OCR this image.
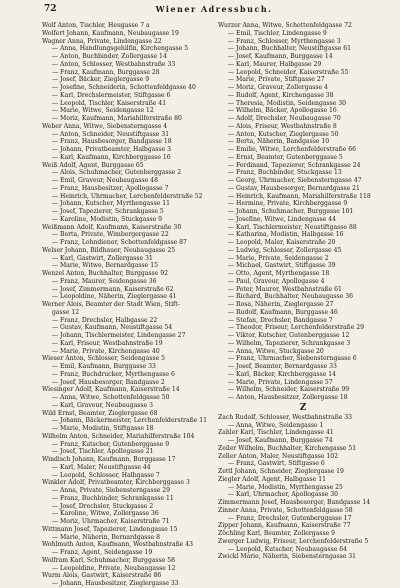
72	Wiener Adressbuch.
Wolf Anton, Tischler, Heugasse 7 a
Wolfert Johann, Kaufmann, Neubaugasse 19
Wagner Anna, Private, Lindengasse 22
— Anna, Handlungsgehilfin, Kirchengasse 5
— Anton, Buchbinder, Zollergasse 14
— Anton, Schlosser, Westbahnstraße 33
— Franz, Kaufmann, Burggasse 28
— Josef, Bäcker, Zieglergasse 9
— Josefine, Schneiderin, Schottenfeldgasse 40
— Karl, Drechslermeister, Stiftgasse 6
— Leopold, Tischler, Kaiserstraße 41
— Marie, Witwe, Seidengasse 12
— Moriz, Kaufmann, Mariahilferstraße 80
Weber Anna, Witwe, Siebensterngasse 4
— Anton, Schneider, Neustiftgasse 31
— Franz, Hausbesorger, Bandgasse 18
— Johann, Privatbeamter, Halbgasse 3
— Karl, Kaufmann, Kirchberggasse 16
Weiß Adolf, Agent, Burggasse 65
— Alois, Schuhmacher, Gutenberggasse 2
— Emil, Graveur, Neubaugasse 48
— Franz, Hausbesitzer, Apollogasse 7
— Heinrich, Uhrmacher, Lerchenfelderstraße 52
— Johann, Kutscher, Myrthengasse 11
— Josef, Tapezierer, Schrankgasse 5
— Karoline, Modistin, Stuckgasse 9
Weißmann Adolf, Kaufmann, Kaiserstraße 30
— Berta, Private, Wimbergergasse 22
— Franz, Lohndiener, Schottenfeldgasse 87
Welser Johann, Bildhauer, Neubaugasse 25
— Karl, Gastwirt, Zollergasse 31
— Marie, Witwe, Bernardgasse 15
Wenzel Anton, Buchhalter, Burggasse 92
— Franz, Maurer, Seidengasse 36
— Josef, Zimmermann, Kaiserstraße 62
— Leopoldine, Näherin, Zieglergasse 41
Werner Alois, Beamter der Stadt Wien, Stift-
gasse 12
— Franz, Drechsler, Halbgasse 22
— Gustav, Kaufmann, Neustiftgasse 54
— Johann, Tischlermeister, Lindengasse 27
— Karl, Friseur, Westbahnstraße 19
— Marie, Private, Kirchengasse 40
Wieser Anton, Schlosser, Seidengasse 5
— Emil, Kaufmann, Burggasse 33
— Franz, Buchdrucker, Myrthengasse 6
— Josef, Hausbesorger, Bandgasse 2
Wiesinger Adolf, Kaufmann, Kaiserstraße 14
— Anna, Witwe, Schottenfeldgasse 50
— Karl, Graveur, Neubaugasse 3
Wild Ernst, Beamter, Zieglergasse 68
— Johann, Bäckermeister, Lerchenfelderstraße 11
— Marie, Modistin, Stiftgasse 18
Wilhelm Anton, Schneider, Mariahilferstraße 104
— Franz, Kutscher, Gutenberggasse 9
— Josef, Tischler, Apollogasse 21
Windisch Johann, Kaufmann, Burggasse 17
— Karl, Maler, Neustiftgasse 44
— Leopold, Schlosser, Halbgasse 7
Winkler Adolf, Privatbeamter, Kirchberggasse 3
— Anna, Private, Siebensterngasse 29
— Franz, Buchbinder, Schrankgasse 11
— Josef, Drechsler, Stuckgasse 2
— Karoline, Witwe, Zollergasse 36
— Moriz, Uhrmacher, Kaiserstraße 71
Wittmann Josef, Tapezierer, Lindengasse 15
— Marie, Näherin, Bernardgasse 8
Wohlmuth Anton, Kaufmann, Westbahnstraße 43
— Franz, Agent, Seidengasse 19
Wolfram Karl, Schuhmacher, Burggasse 58
— Leopoldine, Private, Neubaugasse 12
Wurm Alois, Gastwirt, Kaiserstraße 86
— Johann, Hausbesitzer, Zieglergasse 33
Wurzer Anna, Witwe, Schottenfeldgasse 72
— Emil, Tischler, Lindengasse 9
— Franz, Schlosser, Myrthengasse 3
— Johann, Buchhalter, Neustiftgasse 61
— Josef, Kaufmann, Burggasse 14
— Karl, Maurer, Halbgasse 29
— Leopold, Schneider, Kaiserstraße 55
— Marie, Private, Stiftgasse 27
— Moriz, Graveur, Zollergasse 4
— Rudolf, Agent, Kirchengasse 38
— Theresia, Modistin, Seidengasse 30
— Wilhelm, Bäcker, Apollogasse 16
— Adolf, Drechsler, Neubaugasse 70
— Alois, Friseur, Westbahnstraße 8
— Anton, Kutscher, Zieglergasse 50
— Berta, Näherin, Bandgasse 10
— Emilie, Witwe, Lerchenfelderstraße 66
— Ernst, Beamter, Gutenberggasse 5
— Ferdinand, Tapezierer, Schrankgasse 24
— Franz, Buchbinder, Stuckgasse 13
— Georg, Uhrmacher, Siebensterngasse 47
— Gustav, Hausbesorger, Bernardgasse 21
— Heinrich, Kaufmann, Mariahilferstraße 118
— Hermine, Private, Kirchberggasse 9
— Johann, Schuhmacher, Burggasse 101
— Josefine, Witwe, Lindengasse 44
— Karl, Tischlermeister, Neustiftgasse 88
— Katharina, Modistin, Halbgasse 16
— Leopold, Maler, Kaiserstraße 20
— Ludwig, Schlosser, Zollergasse 45
— Marie, Private, Seidengasse 2
— Michael, Gastwirt, Stiftgasse 39
— Otto, Agent, Myrthengasse 18
— Paul, Graveur, Apollogasse 4
— Peter, Maurer, Westbahnstraße 61
— Richard, Buchhalter, Neubaugasse 36
— Rosa, Näherin, Zieglergasse 27
— Rudolf, Kaufmann, Burggasse 46
— Stefan, Drechsler, Bandgasse 7
— Theodor, Friseur, Lerchenfelderstraße 29
— Viktor, Kutscher, Gutenberggasse 12
— Wilhelm, Tapezierer, Schrankgasse 3
— Anna, Witwe, Stuckgasse 20
— Franz, Uhrmacher, Siebensterngasse 6
— Josef, Beamter, Bernardgasse 33
— Karl, Bäcker, Kirchberggasse 14
— Marie, Private, Lindengasse 57
— Wilhelm, Schneider, Kaiserstraße 99
— Anton, Hausbesitzer, Zollergasse 18
Z
Zach Rudolf, Schlosser, Westbahnstraße 33
— Anna, Witwe, Seidengasse 1
Zahler Karl, Tischler, Lindengasse 41
— Josef, Kaufmann, Burggasse 74
Zeiler Wilhelm, Buchhalter, Kirchengasse 51
Zeller Anton, Maler, Neustiftgasse 102
— Franz, Gastwirt, Stiftgasse 6
Zettl Johann, Schneider, Zieglergasse 19
Ziegler Adolf, Agent, Halbgasse 11
— Marie, Modistin, Myrthengasse 25
— Karl, Uhrmacher, Apollogasse 30
Zimmermann Josef, Hausbesorger, Bandgasse 14
Zinner Anna, Private, Schottenfeldgasse 58
— Franz, Drechsler, Gutenberggasse 17
Zipper Johann, Kaufmann, Kaiserstraße 77
Zöchling Karl, Beamter, Zollergasse 9
Zwerger Ludwig, Friseur, Lerchenfelderstraße 5
— Leopold, Kutscher, Neubaugasse 64
Zwickl Marie, Näherin, Siebensterngasse 31
